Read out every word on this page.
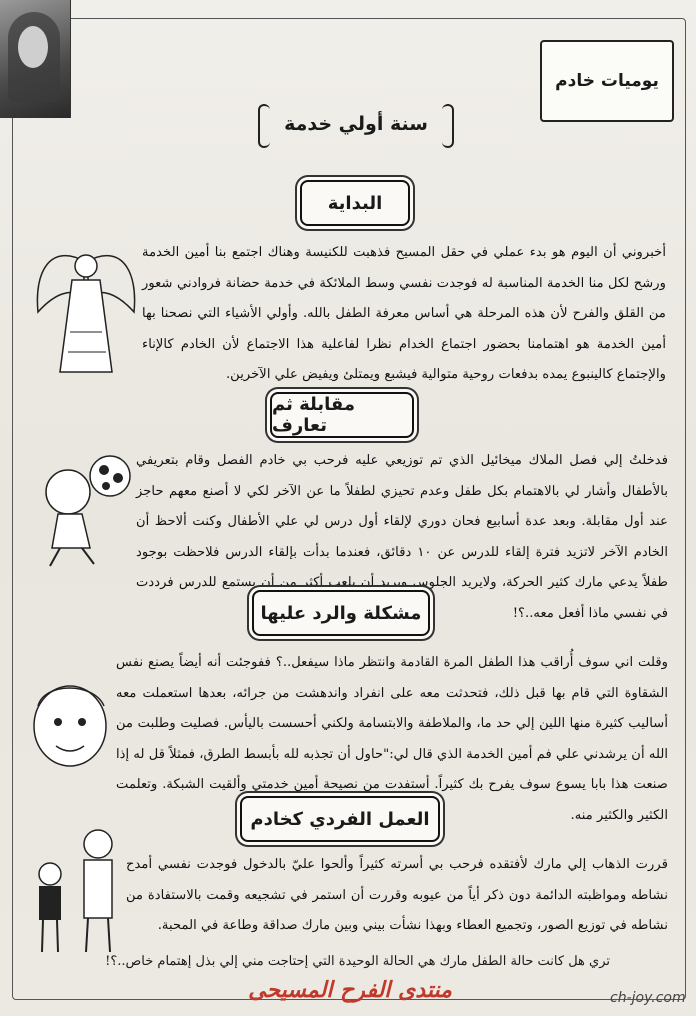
يوميات خادم
سنة أولي خدمة
البداية
أخبروني أن اليوم هو بدء عملي في حقل المسيح فذهبت للكنيسة وهناك اجتمع بنا أمين الخدمة ورشح لكل منا الخدمة المناسبة له فوجدت نفسي وسط الملائكة في خدمة حضانة فروادني شعور من القلق والفرح لأن هذه المرحلة هي أساس معرفة الطفل بالله. وأولي الأشياء التي نصحنا بها أمين الخدمة هو اهتمامنا بحضور اجتماع الخدام نظرا لفاعلية هذا الاجتماع لأن الخادم كالإناء والإجتماع كالينبوع يمده بدفعات روحية متوالية فيشبع ويمتلئ ويفيض علي الآخرين.
مقابلة ثم تعارف
فدخلتُ إلي فصل الملاك ميخائيل الذي تم توزيعي عليه فرحب بي خادم الفصل وقام بتعريفي بالأطفال وأشار لي بالاهتمام بكل طفل وعدم تحيزي لطفلاً ما عن الآخر لكي لا أصنع معهم حاجز عند أول مقابلة. وبعد عدة أسابيع فحان دوري لإلقاء أول درس لي علي الأطفال وكنت ألاحظ أن الخادم الآخر لاتزيد فترة إلقاء للدرس عن ١٠ دقائق، فعندما بدأت بإلقاء الدرس فلاحظت بوجود طفلاً يدعي مارك كثير الحركة، ولايريد الجلوس ويريد أن يلعب أكثر من أن يستمع للدرس فرددت في نفسي ماذا أفعل معه..؟!
مشكلة والرد عليها
وقلت اني سوف أُراقب هذا الطفل المرة القادمة وانتظر ماذا سيفعل..؟ ففوجئت أنه أيضاً يصنع نفس الشقاوة التي قام بها قبل ذلك، فتحدثت معه على انفراد واندهشت من جرائه، بعدها استعملت معه أساليب كثيرة منها اللين إلي حد ما، والملاطفة والابتسامة ولكني أحسست باليأس. فصليت وطلبت من الله أن يرشدني علي فم أمين الخدمة الذي قال لي:"حاول أن تجذبه لله بأبسط الطرق، فمثلاً قل له إذا صنعت هذا بابا يسوع سوف يفرح بك كثيراً. أستفدت من نصيحة أمين خدمتي وألقيت الشبكة. وتعلمت الكثير والكثير منه.
العمل الفردي كخادم
قررت الذهاب إلي مارك لأفتقده فرحب بي أسرته كثيراً وألحوا عليّ بالدخول فوجدت نفسي أمدح نشاطه ومواظبته الدائمة دون ذكر أياً من عيوبه وقررت أن استمر في تشجيعه وقمت بالاستفادة من نشاطه في توزيع الصور، وتجميع العطاء وبهذا نشأت بيني وبين مارك صداقة وطاعة في المحبة.
تري هل كانت حالة الطفل مارك هي الحالة الوحيدة التي إحتاجت مني إلي بذل إهتمام خاص..؟!
منتدى الفرح المسيحى	ch-joy.com
